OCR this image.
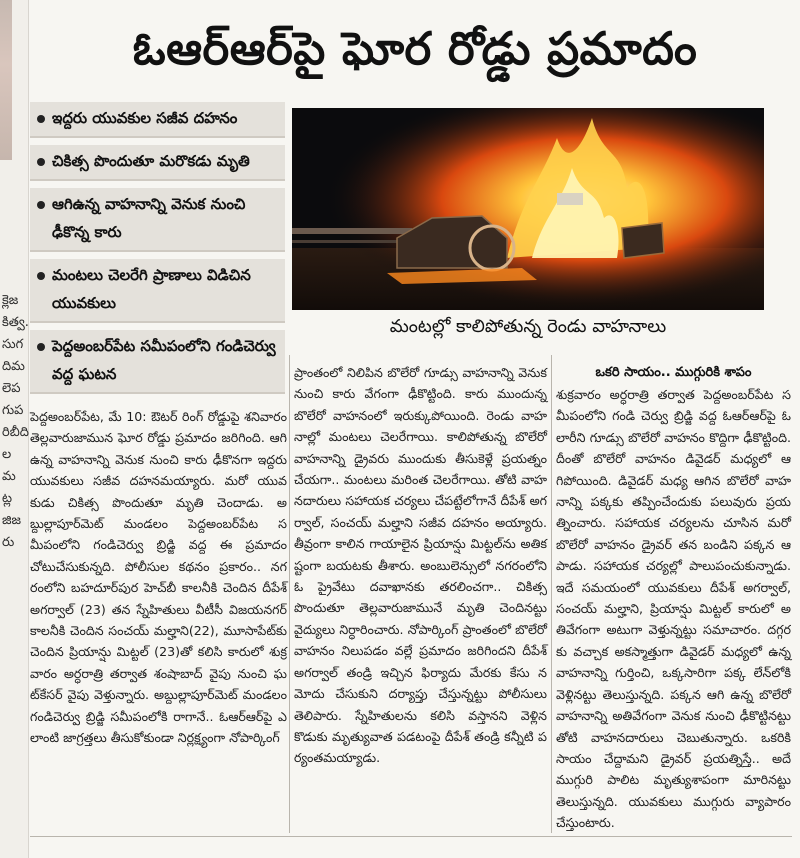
క్లెజకిత్వ.సుగదిమలెపగుపరిబీదిలమట్లజిజరు
ఓఆర్ఆర్‌పై ఘోర రోడ్డు ప్రమాదం
ఇద్దరు యువకుల సజీవ దహనం
చికిత్స పొందుతూ మరొకడు మృతి
ఆగిఉన్న వాహనాన్ని వెనుక నుంచి ఢీకొన్న కారు
మంటలు చెలరేగి ప్రాణాలు విడిచిన యువకులు
పెద్దఅంబర్‌పేట సమీపంలోని గండిచెర్వు వద్ద ఘటన
మంటల్లో కాలిపోతున్న రెండు వాహనాలు

పెద్దఅంబర్‌పేట, మే 10: ఔటర్ రింగ్ రోడ్డుపై శనివారం తెల్లవారుజామున ఘోర రోడ్డు ప్రమాదం జరిగింది. ఆగి ఉన్న వాహనాన్ని వెనుక నుంచి కారు ఢీకొనగా ఇద్దరు యువకులు సజీవ దహనమయ్యారు. మరో యువకుడు చికిత్స పొందుతూ మృతి చెందాడు. అబ్దుల్లాపూర్‌మెట్ మండలం పెద్దఅంబర్‌పేట సమీపంలోని గండిచెర్వు బ్రిడ్జి వద్ద ఈ ప్రమాదం చోటుచేసుకున్నది. పోలీసుల కథనం ప్రకారం.. నగరంలోని బహదూర్‌పుర హెచ్‌బీ కాలనీకి చెందిన దీపేశ్ అగర్వాల్ (23) తన స్నేహితులు వీటీసీ విజయనగర్ కాలనీకి చెందిన సంచయ్ మల్హాని(22), మూసాపేట్‌కు చెందిన ప్రియాన్షు మిట్టల్ (23)తో కలిసి కారులో శుక్రవారం అర్ధరాత్రి తర్వాత శంషాబాద్ వైపు నుంచి ఘట్‌కేసర్ వైపు వెళ్తున్నారు. అబ్దుల్లాపూర్‌మెట్ మండలం గండిచెర్వు బ్రిడ్జి సమీపంలోకి రాగానే.. ఓఆర్ఆర్‌పై ఎలాంటి జాగ్రత్తలు తీసుకోకుండా నిర్లక్ష్యంగా నోపార్కింగ్

ప్రాంతంలో నిలిపిన బొలేరో గూడ్సు వాహనాన్ని వెనుక నుంచి కారు వేగంగా ఢీకొట్టింది. కారు ముందున్న బొలేరో వాహనంలో ఇరుక్కుపోయింది. రెండు వాహనాల్లో మంటలు చెలరేగాయి. కాలిపోతున్న బొలేరో వాహనాన్ని డ్రైవరు ముందుకు తీసుకెళ్లే ప్రయత్నం చేయగా.. మంటలు మరింత చెలరేగాయి. తోటి వాహనదారులు సహాయక చర్యలు చేపట్టేలోగానే దీపేశ్ అగర్వాల్, సంచయ్ మల్హాని సజీవ దహనం అయ్యారు. తీవ్రంగా కాలిన గాయాలైన ప్రియాన్షు మిట్టల్‌ను అతికష్టంగా బయటకు తీశారు. అంబులెన్సులో నగరంలోని ఓ ప్రైవేటు దవాఖానకు తరలించగా.. చికిత్స పొందుతూ తెల్లవారుజామునే మృతి చెందినట్టు వైద్యులు నిర్ధారించారు. నోపార్కింగ్ ప్రాంతంలో బొలేరో వాహనం నిలుపడం వల్లే ప్రమాదం జరిగిందని దీపేశ్ అగర్వాల్ తండ్రి ఇచ్చిన ఫిర్యాదు మేరకు కేసు నమోదు చేసుకుని దర్యాప్తు చేస్తున్నట్టు పోలీసులు తెలిపారు. స్నేహితులను కలిసి వస్తానని వెళ్లిన కొడుకు మృత్యువాత పడటంపై దీపేశ్ తండ్రి కన్నీటి పర్యంతమయ్యాడు.

ఒకరి సాయం.. ముగ్గురికి శాపం

శుక్రవారం అర్ధరాత్రి తర్వాత పెద్దఅంబర్‌పేట సమీపంలోని గండి చెర్వు బ్రిడ్జి వద్ద ఓఆర్ఆర్‌పై ఓ లారీని గూడ్సు బొలేరో వాహనం కొద్దిగా ఢీకొట్టింది. దీంతో బొలేరో వాహనం డివైడర్ మధ్యలో ఆగిపోయింది. డివైడర్ మధ్య ఆగిన బొలేరో వాహనాన్ని పక్కకు తప్పించేందుకు పలువురు ప్రయత్నించారు. సహాయక చర్యలను చూసిన మరో బొలేరో వాహనం డ్రైవర్ తన బండిని పక్కన ఆపాడు. సహాయక చర్యల్లో పాలుపంచుకున్నాడు. ఇదే సమయంలో యువకులు దీపేశ్ అగర్వాల్, సంచయ్ మల్హాని, ప్రియాన్షు మిట్టల్ కారులో అతివేగంగా అటుగా వెళ్తున్నట్టు సమాచారం. దగ్గరకు వచ్చాక అకస్మాత్తుగా డివైడర్ మధ్యలో ఉన్న వాహనాన్ని గుర్తించి, ఒక్కసారిగా పక్క లేన్‌లోకి వెళ్లినట్టు తెలుస్తున్నది. పక్కన ఆగి ఉన్న బొలేరో వాహనాన్ని అతివేగంగా వెనుక నుంచి ఢీకొట్టినట్టు తోటి వాహనదారులు చెబుతున్నారు. ఒకరికి సాయం చేద్దామని డ్రైవర్ ప్రయత్నిస్తే.. అదే ముగ్గురి పాలిట మృత్యుశాపంగా మారినట్టు తెలుస్తున్నది. యువకులు ముగ్గురు వ్యాపారం చేస్తుంటారు.
